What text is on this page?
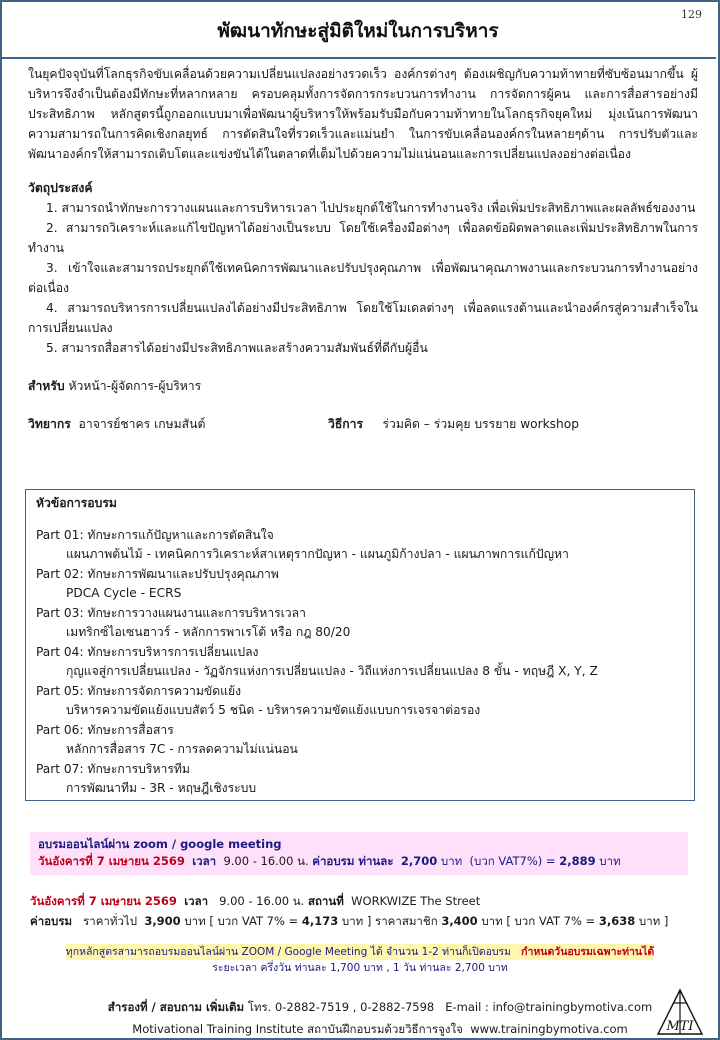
พัฒนาทักษะสู่มิติใหม่ในการบริหาร
129

ในยุคปัจจุบันที่โลกธุรกิจขับเคลื่อนด้วยความเปลี่ยนแปลงอย่างรวดเร็ว องค์กรต่างๆ ต้องเผชิญกับความท้าทายที่ซับซ้อนมากขึ้น ผู้บริหารจึงจำเป็นต้องมีทักษะที่หลากหลาย ครอบคลุมทั้งการจัดการกระบวนการทำงาน การจัดการผู้คน และการสื่อสารอย่างมีประสิทธิภาพ หลักสูตรนี้ถูกออกแบบมาเพื่อพัฒนาผู้บริหารให้พร้อมรับมือกับความท้าทายในโลกธุรกิจยุคใหม่ มุ่งเน้นการพัฒนาความสามารถในการคิดเชิงกลยุทธ์ การตัดสินใจที่รวดเร็วและแม่นยำ ในการขับเคลื่อนองค์กรในหลายๆด้าน การปรับตัวและพัฒนาองค์กรให้สามารถเติบโตและแข่งขันได้ในตลาดที่เต็มไปด้วยความไม่แน่นอนและการเปลี่ยนแปลงอย่างต่อเนื่อง

วัตถุประสงค์

1. สามารถนำทักษะการวางแผนและการบริหารเวลา ไปประยุกต์ใช้ในการทำงานจริง เพื่อเพิ่มประสิทธิภาพและผลลัพธ์ของงาน

2. สามารถวิเคราะห์และแก้ไขปัญหาได้อย่างเป็นระบบ โดยใช้เครื่องมือต่างๆ เพื่อลดข้อผิดพลาดและเพิ่มประสิทธิภาพในการทำงาน

3. เข้าใจและสามารถประยุกต์ใช้เทคนิคการพัฒนาและปรับปรุงคุณภาพ เพื่อพัฒนาคุณภาพงานและกระบวนการทำงานอย่างต่อเนื่อง

4. สามารถบริหารการเปลี่ยนแปลงได้อย่างมีประสิทธิภาพ โดยใช้โมเดลต่างๆ เพื่อลดแรงต้านและนำองค์กรสู่ความสำเร็จในการเปลี่ยนแปลง

5. สามารถสื่อสารได้อย่างมีประสิทธิภาพและสร้างความสัมพันธ์ที่ดีกับผู้อื่น

สำหรับ
หัวหน้า-ผู้จัดการ-ผู้บริหาร
วิทยากร
อาจารย์ชาคร เกษมสันต์	วิธีการ ร่วมคิด – ร่วมคุย บรรยาย workshop
หัวข้อการอบรม
Part 01: ทักษะการแก้ปัญหาและการตัดสินใจ
แผนภาพต้นไม้ - เทคนิคการวิเคราะห์สาเหตุรากปัญหา - แผนภูมิก้างปลา - แผนภาพการแก้ปัญหา
Part 02: ทักษะการพัฒนาและปรับปรุงคุณภาพ
PDCA Cycle - ECRS
Part 03: ทักษะการวางแผนงานและการบริหารเวลา
เมทริกซ์ไอเซนฮาวร์ - หลักการพาเรโต้ หรือ กฎ 80/20
Part 04: ทักษะการบริหารการเปลี่ยนแปลง
กุญแจสู่การเปลี่ยนแปลง - วัฏจักรแห่งการเปลี่ยนแปลง - วิถีแห่งการเปลี่ยนแปลง 8 ขั้น - ทฤษฎี X, Y, Z
Part 05: ทักษะการจัดการความขัดแย้ง
บริหารความขัดแย้งแบบสัตว์ 5 ชนิด - บริหารความขัดแย้งแบบการเจรจาต่อรอง
Part 06: ทักษะการสื่อสาร
หลักการสื่อสาร 7C - การลดความไม่แน่นอน
Part 07: ทักษะการบริหารทีม
การพัฒนาทีม - 3R - หฤษฎีเชิงระบบ
อบรมออนไลน์ผ่าน zoom / google meeting
วันอังคารที่ 7 เมษายน 2569 เวลา 9.00 - 16.00 น. ค่าอบรม ท่านละ 2,700 บาท (บวก VAT7%) = 2,889 บาท
วันอังคารที่ 7 เมษายน 2569 เวลา 9.00 - 16.00 น. สถานที่ WORKWIZE The Street
ค่าอบรม ราคาทั่วไป 3,900 บาท [ บวก VAT 7% = 4,173 บาท ] ราคาสมาชิก 3,400 บาท [ บวก VAT 7% = 3,638 บาท ]
ทุกหลักสูตรสามารถอบรมออนไลน์ผ่าน ZOOM / Google Meeting ได้ จำนวน 1-2 ท่านก็เปิดอบรม กำหนดวันอบรมเฉพาะท่านได้
ระยะเวลา ครึ่งวัน ท่านละ 1,700 บาท , 1 วัน ท่านละ 2,700 บาท
สำรองที่ / สอบถาม เพิ่มเติม โทร. 0-2882-7519 , 0-2882-7598 E-mail : info@trainingbymotiva.com
Motivational Training Institute สถาบันฝึกอบรมด้วยวิธีการจูงใจ www.trainingbymotiva.com	MTI
